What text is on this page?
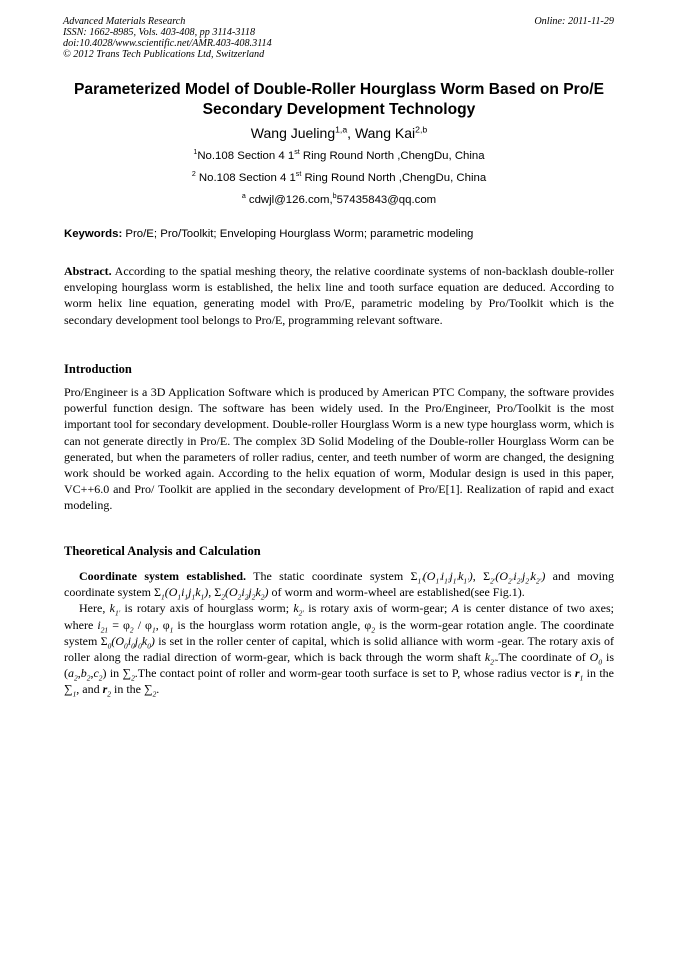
Advanced Materials Research
ISSN: 1662-8985, Vols. 403-408, pp 3114-3118
doi:10.4028/www.scientific.net/AMR.403-408.3114
© 2012 Trans Tech Publications Ltd, Switzerland
Online: 2011-11-29
Parameterized Model of Double-Roller Hourglass Worm Based on Pro/E
Secondary Development Technology
Wang Jueling$^{1,a}$, Wang Kai$^{2,b}$
$^1$No.108 Section 4 1st Ring Round North ,ChengDu, China
$^2$ No.108 Section 4 1st Ring Round North ,ChengDu, China
$^a$ cdwjl@126.com,$^b$57435843@qq.com
Keywords: Pro/E; Pro/Toolkit; Enveloping Hourglass Worm; parametric modeling
Abstract. According to the spatial meshing theory, the relative coordinate systems of non-backlash double-roller enveloping hourglass worm is established, the helix line and tooth surface equation are deduced. According to worm helix line equation, generating model with Pro/E, parametric modeling by Pro/Toolkit which is the secondary development tool belongs to Pro/E, programming relevant software.
Introduction
Pro/Engineer is a 3D Application Software which is produced by American PTC Company, the software provides powerful function design. The software has been widely used. In the Pro/Engineer, Pro/Toolkit is the most important tool for secondary development. Double-roller Hourglass Worm is a new type hourglass worm, which is can not generate directly in Pro/E. The complex 3D Solid Modeling of the Double-roller Hourglass Worm can be generated, but when the parameters of roller radius, center, and teeth number of worm are changed, the designing work should be worked again. According to the helix equation of worm, Modular design is used in this paper, VC++6.0 and Pro/ Toolkit are applied in the secondary development of Pro/E[1]. Realization of rapid and exact modeling.
Theoretical Analysis and Calculation

Coordinate system established. The static coordinate system $\Sigma_{1'}(O_{1'}i_{1'}j_{1'}k_{1'})$, $\Sigma_{2'}(O_{2'}i_{2'}j_{2'}k_{2'})$ and moving coordinate system $\Sigma_1(O_1i_1j_1k_1)$, $\Sigma_2(O_2i_2j_2k_2)$ of worm and worm-wheel are established(see Fig.1).

Here, $k_{1'}$ is rotary axis of hourglass worm; $k_{2'}$ is rotary axis of worm-gear; A is center distance of two axes; where $i_{21} = \varphi_2 / \varphi_1$, $\varphi_1$ is the hourglass worm rotation angle, $\varphi_2$ is the worm-gear rotation angle. The coordinate system $\Sigma_0(O_0i_0j_0k_0)$ is set in the roller center of capital, which is solid alliance with worm -gear. The rotary axis of roller along the radial direction of worm-gear, which is back through the worm shaft $k_{2'}.The$ coordinate of $O_0$ is $(a_2,b_2,c_2)$ in $\sum_2.The$ contact point of roller and worm-gear tooth surface is set to P, whose radius vector is $r_1$ in the $\sum_1$, and $r_2$ in the $\sum_2$.
